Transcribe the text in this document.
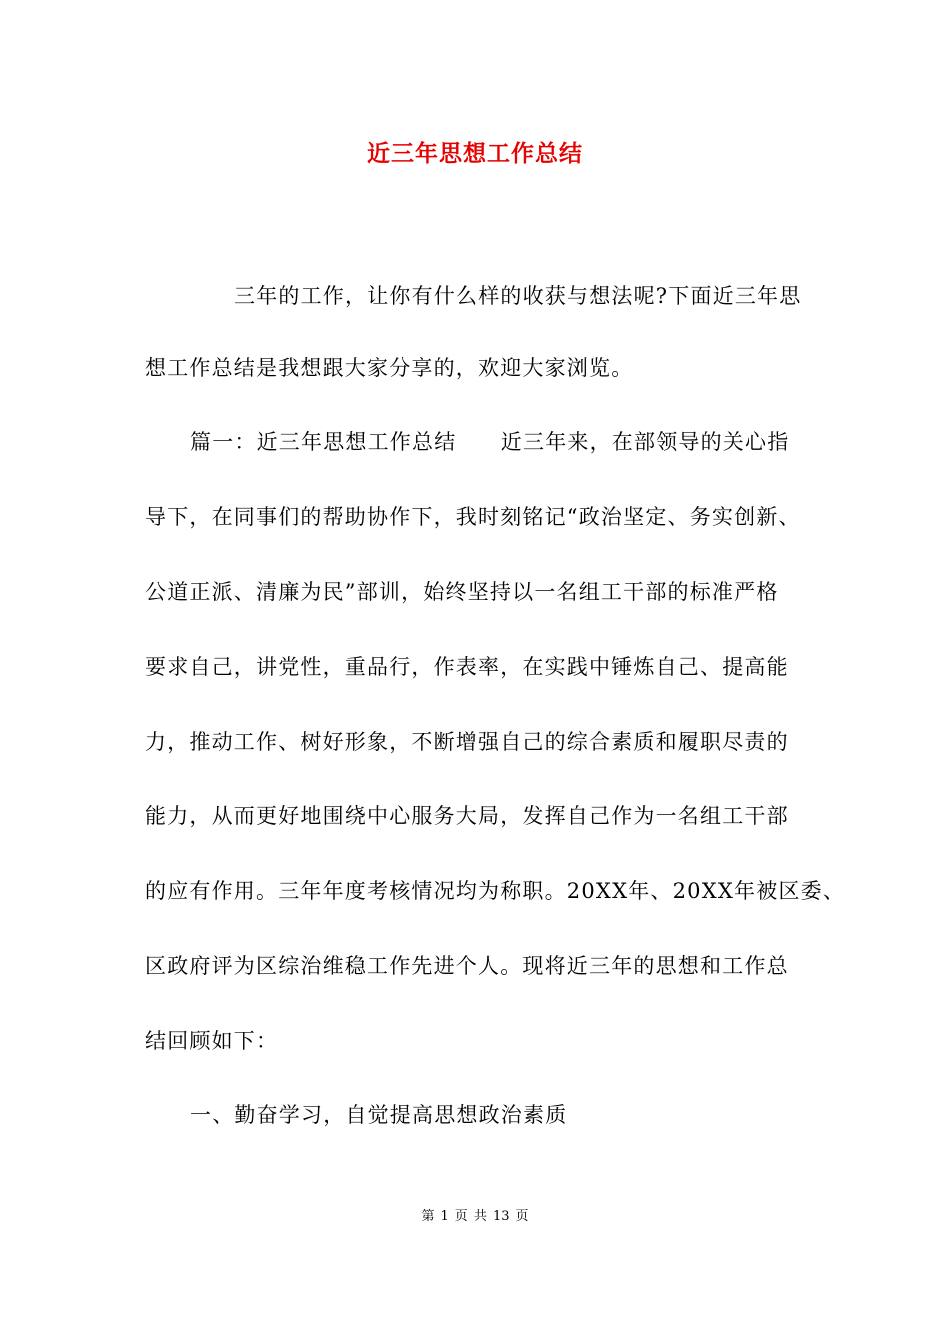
近三年思想工作总结
三年的工作，让你有什么样的收获与想法呢?下面近三年思
想工作总结是我想跟大家分享的，欢迎大家浏览。
篇一：近三年思想工作总结　　近三年来，在部领导的关心指
导下，在同事们的帮助协作下，我时刻铭记“政治坚定、务实创新、
公道正派、清廉为民”部训，始终坚持以一名组工干部的标准严格
要求自己，讲党性，重品行，作表率，在实践中锤炼自己、提高能
力，推动工作、树好形象，不断增强自己的综合素质和履职尽责的
能力，从而更好地围绕中心服务大局，发挥自己作为一名组工干部
的应有作用。三年年度考核情况均为称职。20XX年、20XX年被区委、
区政府评为区综治维稳工作先进个人。现将近三年的思想和工作总
结回顾如下：
一、勤奋学习，自觉提高思想政治素质
第 1 页 共 13 页
